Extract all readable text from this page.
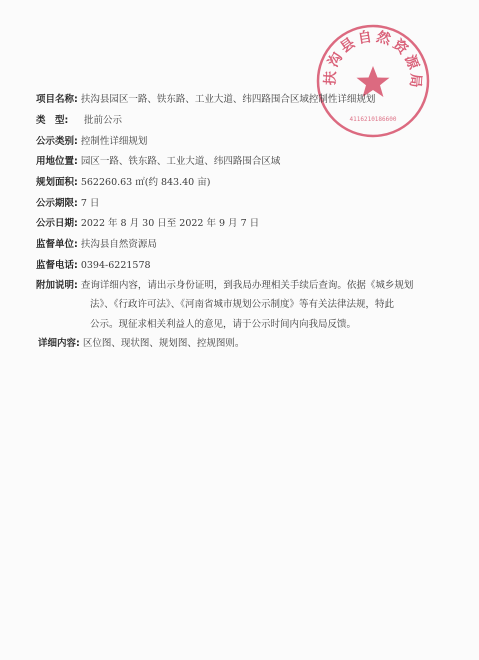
扶沟县自然资源局
4116210186600
项目名称: 扶沟县园区一路、铁东路、工业大道、纬四路围合区域控制性详细规划
类　型: 批前公示
公示类别: 控制性详细规划
用地位置: 园区一路、铁东路、工业大道、纬四路围合区域
规划面积: 562260.63 ㎡(约 843.40 亩)
公示期限: 7 日
公示日期: 2022 年 8 月 30 日至 2022 年 9 月 7 日
监督单位: 扶沟县自然资源局
监督电话: 0394-6221578
附加说明: 查询详细内容，请出示身份证明，到我局办理相关手续后查询。依据《城乡规划
法》、《行政许可法》、《河南省城市规划公示制度》等有关法律法规，特此
公示。现征求相关利益人的意见，请于公示时间内向我局反馈。
详细内容: 区位图、现状图、规划图、控规图则。
